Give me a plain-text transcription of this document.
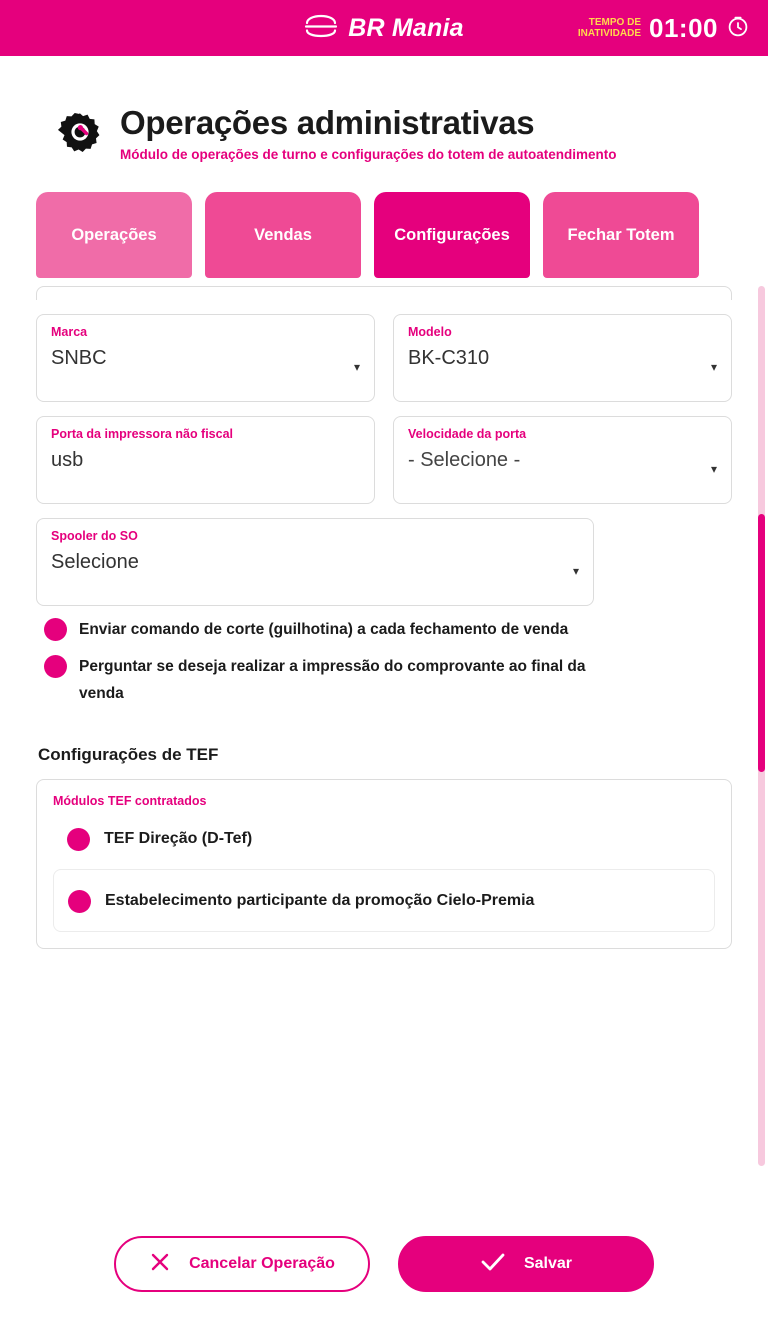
BR Mania	TEMPO DE INATIVIDADE 01:00
Operações administrativas
Módulo de operações de turno e configurações do totem de autoatendimento
Operações	Vendas	Configurações	Fechar Totem
Marca
SNBC	▾
Modelo
BK-C310	▾
Porta da impressora não fiscal
usb
Velocidade da porta
- Selecione -	▾
Spooler do SO
Selecione	▾
Enviar comando de corte (guilhotina) a cada fechamento de venda
Perguntar se deseja realizar a impressão do comprovante ao final da venda
Configurações de TEF
Módulos TEF contratados
TEF Direção (D-Tef)
Estabelecimento participante da promoção Cielo-Premia
Cancelar Operação	Salvar
